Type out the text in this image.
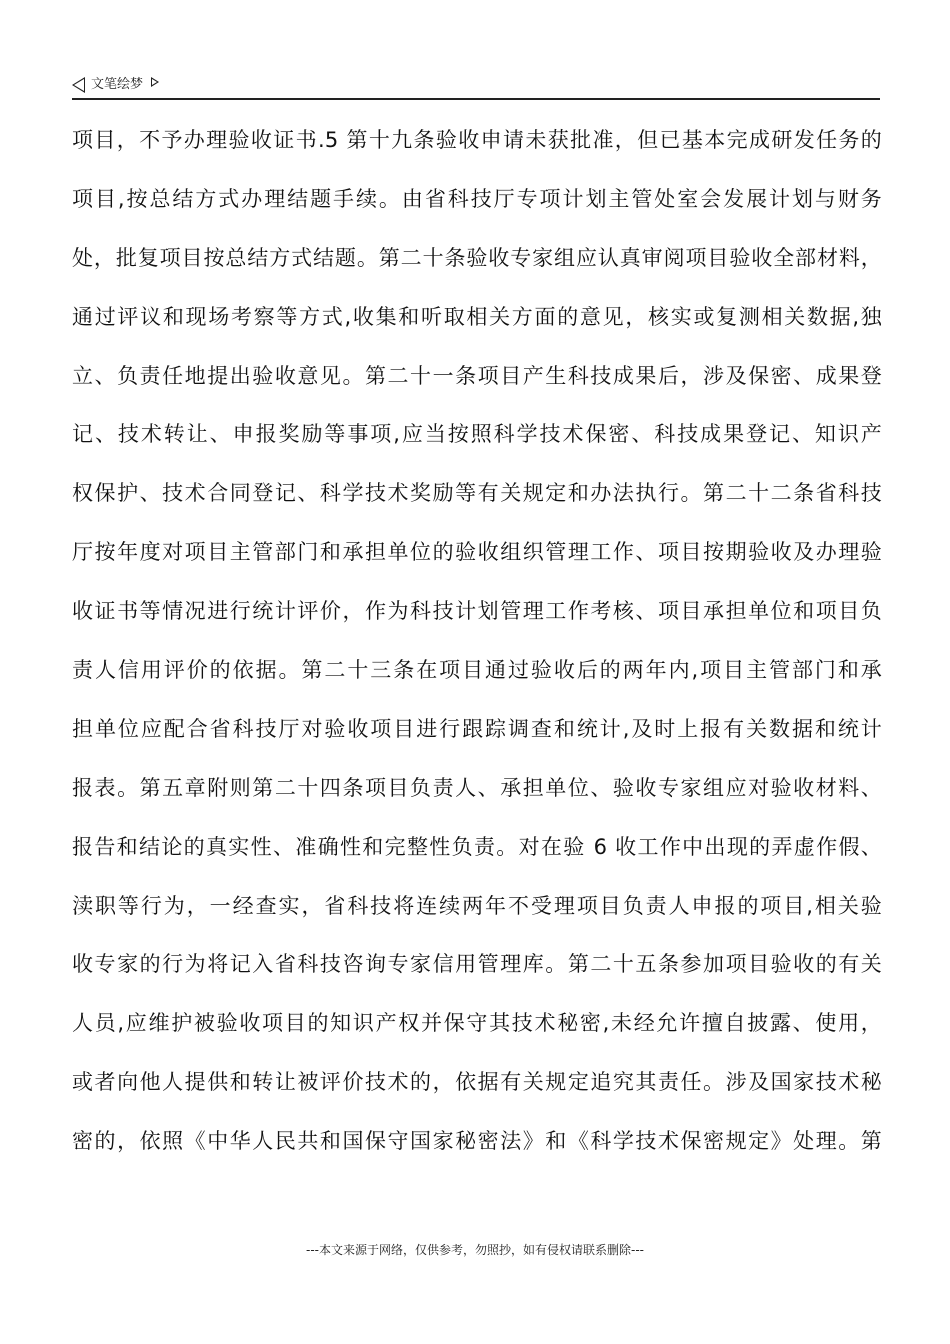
文笔绘梦
项目，不予办理验收证书.5 第十九条验收申请未获批准，但已基本完成研发任务的
项目,按总结方式办理结题手续。由省科技厅专项计划主管处室会发展计划与财务
处，批复项目按总结方式结题。第二十条验收专家组应认真审阅项目验收全部材料，
通过评议和现场考察等方式,收集和听取相关方面的意见，核实或复测相关数据,独
立、负责任地提出验收意见。第二十一条项目产生科技成果后，涉及保密、成果登
记、技术转让、申报奖励等事项,应当按照科学技术保密、科技成果登记、知识产
权保护、技术合同登记、科学技术奖励等有关规定和办法执行。第二十二条省科技
厅按年度对项目主管部门和承担单位的验收组织管理工作、项目按期验收及办理验
收证书等情况进行统计评价，作为科技计划管理工作考核、项目承担单位和项目负
责人信用评价的依据。第二十三条在项目通过验收后的两年内,项目主管部门和承
担单位应配合省科技厅对验收项目进行跟踪调查和统计,及时上报有关数据和统计
报表。第五章附则第二十四条项目负责人、承担单位、验收专家组应对验收材料、
报告和结论的真实性、准确性和完整性负责。对在验 6 收工作中出现的弄虚作假、
渎职等行为，一经查实，省科技将连续两年不受理项目负责人申报的项目,相关验
收专家的行为将记入省科技咨询专家信用管理库。第二十五条参加项目验收的有关
人员,应维护被验收项目的知识产权并保守其技术秘密,未经允许擅自披露、使用，
或者向他人提供和转让被评价技术的，依据有关规定追究其责任。涉及国家技术秘
密的，依照《中华人民共和国保守国家秘密法》和《科学技术保密规定》处理。第
---本文来源于网络，仅供参考，勿照抄，如有侵权请联系删除---
